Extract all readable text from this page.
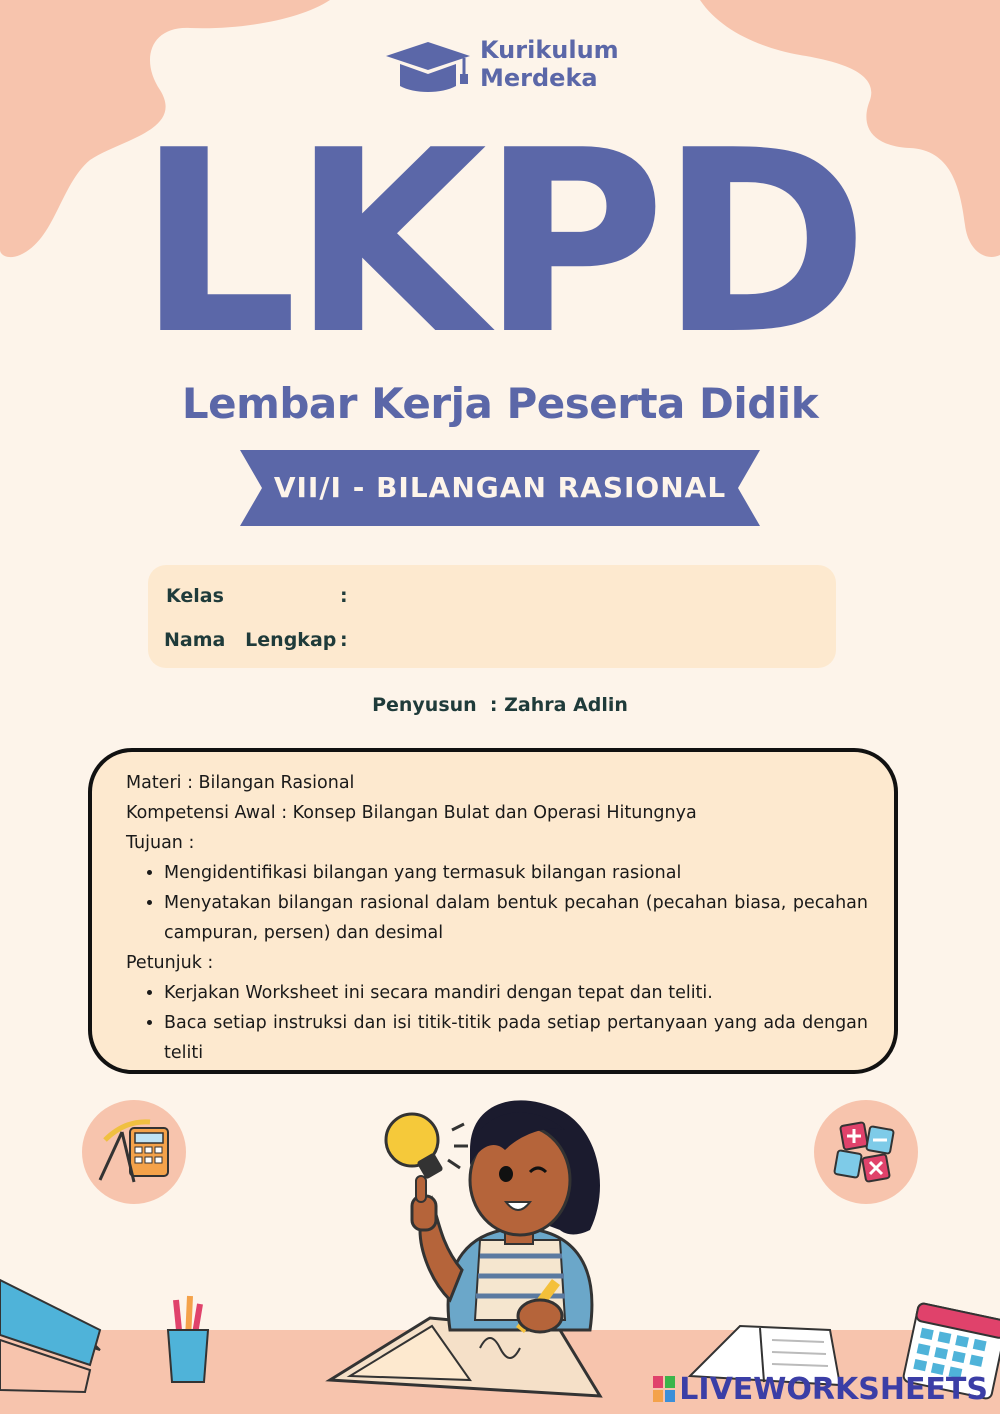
Kurikulum
Merdeka
LKPD
Lembar Kerja Peserta Didik
VII/I - BILANGAN RASIONAL
Kelas	:
Nama   Lengkap :
Penyusun  : Zahra Adlin

Materi : Bilangan Rasional

Kompetensi Awal : Konsep Bilangan Bulat dan Operasi Hitungnya

Tujuan :

• Mengidentifikasi bilangan yang termasuk bilangan rasional
• Menyatakan bilangan rasional dalam bentuk pecahan (pecahan biasa, pecahan campuran, persen) dan desimal

Petunjuk :

• Kerjakan Worksheet ini secara mandiri dengan tepat dan teliti.
• Baca setiap instruksi dan isi titik-titik pada setiap pertanyaan yang ada dengan teliti
LIVEWORKSHEETS
